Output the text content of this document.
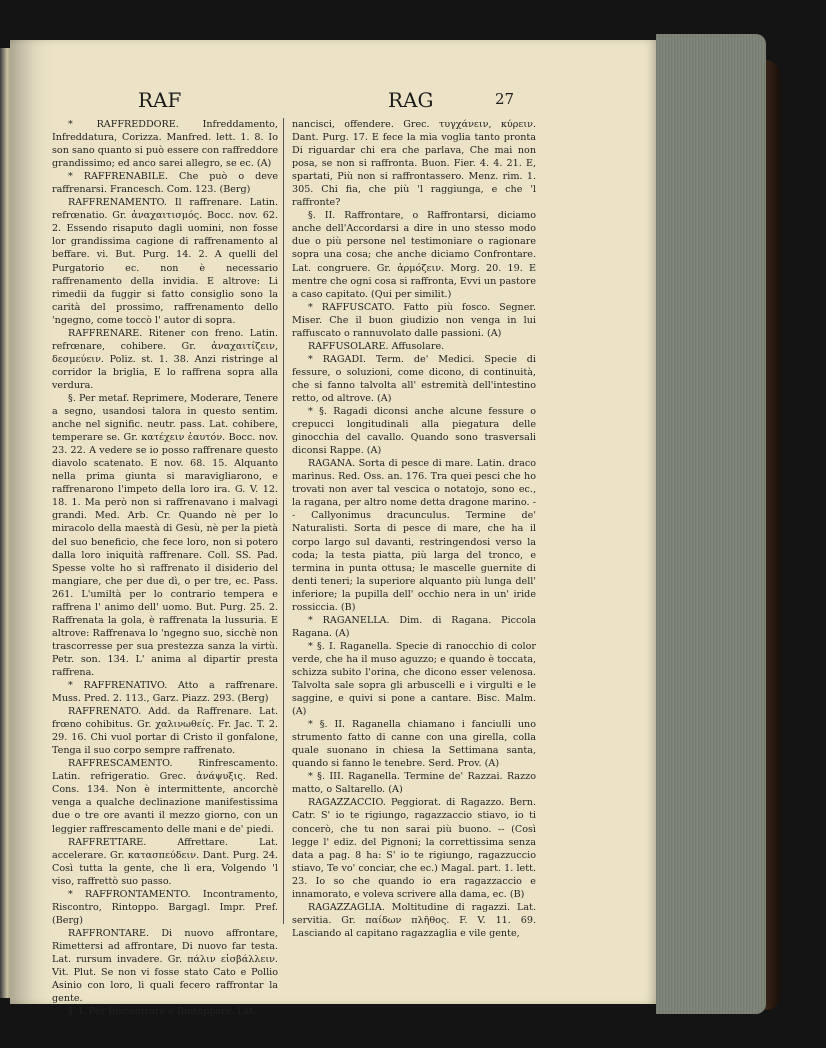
RAF	RAG	27

* RAFFREDDORE. Infreddamento, Infreddatura, Corizza. Manfred. lett. 1. 8. Io son sano quanto si può essere con raffreddore grandissimo; ed anco sarei allegro, se ec. (A)

* RAFFRENABILE. Che può o deve raffrenarsi. Francesch. Com. 123. (Berg)

RAFFRENAMENTO. Il raffrenare. Latin. refrœnatio. Gr. ἀναχαιτισμός. Bocc. nov. 62. 2. Essendo risaputo dagli uomini, non fosse lor grandissima cagione di raffrenamento al beffare. vi. But. Purg. 14. 2. A quelli del Purgatorio ec. non è necessario raffrenamento della invidia. E altrove: Li rimedii da fuggir si fatto consiglio sono la carità del prossimo, raffrenamento dello 'ngegno, come toccò l' autor di sopra.

RAFFRENARE. Ritener con freno. Latin. refrœnare, cohibere. Gr. ἀναχαιτίζειν, δεσμεύειν. Poliz. st. 1. 38. Anzi ristringe al corridor la briglia, E lo raffrena sopra alla verdura.

§. Per metaf. Reprimere, Moderare, Tenere a segno, usandosi talora in questo sentim. anche nel signific. neutr. pass. Lat. cohibere, temperare se. Gr. κατέχειν ἑαυτόν. Bocc. nov. 23. 22. A vedere se io posso raffrenare questo diavolo scatenato. E nov. 68. 15. Alquanto nella prima giunta si maravigliarono, e raffrenarono l'impeto della loro ira. G. V. 12. 18. 1. Ma però non si raffrenavano i malvagi grandi. Med. Arb. Cr. Quando nè per lo miracolo della maestà di Gesù, nè per la pietà del suo beneficio, che fece loro, non si potero dalla loro iniquità raffrenare. Coll. SS. Pad. Spesse volte ho sì raffrenato il disiderio del mangiare, che per due dì, o per tre, ec. Pass. 261. L'umiltà per lo contrario tempera e raffrena l' animo dell' uomo. But. Purg. 25. 2. Raffrenata la gola, è raffrenata la lussuria. E altrove: Raffrenava lo 'ngegno suo, sicchè non trascorresse per sua prestezza sanza la virtù. Petr. son. 134. L' anima al dipartir presta raffrena.

* RAFFRENATIVO. Atto a raffrenare. Muss. Pred. 2. 113., Garz. Piazz. 293. (Berg)

RAFFRENATO. Add. da Raffrenare. Lat. frœno cohibitus. Gr. χαλινωθείς. Fr. Jac. T. 2. 29. 16. Chi vuol portar di Cristo il gonfalone, Tenga il suo corpo sempre raffrenato.

RAFFRESCAMENTO. Rinfrescamento. Latin. refrigeratio. Grec. ἀνάψυξις. Red. Cons. 134. Non è intermittente, ancorchè venga a qualche declinazione manifestissima due o tre ore avanti il mezzo giorno, con un leggier raffrescamento delle mani e de' piedi.

RAFFRETTARE. Affrettare. Lat. accelerare. Gr. κατασπεύδειν. Dant. Purg. 24. Così tutta la gente, che lì era, Volgendo 'l viso, raffrettò suo passo.

* RAFFRONTAMENTO. Incontramento, Riscontro, Rintoppo. Bargagl. Impr. Pref. (Berg)

RAFFRONTARE. Di nuovo affrontare, Rimettersi ad affrontare, Di nuovo far testa. Lat. rursum invadere. Gr. πάλιν εἰσβάλλειν. Vit. Plut. Se non vi fosse stato Cato e Pollio Asinio con loro, li quali fecero raffrontar la gente.

§. I. Per Riscontrare o Rintoppare. Lat.

nancisci, offendere. Grec. τυγχάνειν, κύρειν. Dant. Purg. 17. E fece la mia voglia tanto pronta Di riguardar chi era che parlava, Che mai non posa, se non si raffronta. Buon. Fier. 4. 4. 21. E, spartati, Più non si raffrontassero. Menz. rim. 1. 305. Chi fia, che più 'l raggiunga, e che 'l raffronte?

§. II. Raffrontare, o Raffrontarsi, diciamo anche dell'Accordarsi a dire in uno stesso modo due o più persone nel testimoniare o ragionare sopra una cosa; che anche diciamo Confrontare. Lat. congruere. Gr. ἁρμόζειν. Morg. 20. 19. E mentre che ogni cosa si raffronta, Evvi un pastore a caso capitato. (Qui per similit.)

* RAFFUSCATO. Fatto più fosco. Segner. Miser. Che il buon giudizio non venga in lui raffuscato o rannuvolato dalle passioni. (A)

RAFFUSOLARE. Affusolare.

* RAGADI. Term. de' Medici. Specie di fessure, o soluzioni, come dicono, di continuità, che si fanno talvolta all' estremità dell'intestino retto, od altrove. (A)

* §. Ragadi diconsi anche alcune fessure o crepucci longitudinali alla piegatura delle ginocchia del cavallo. Quando sono trasversali diconsi Rappe. (A)

RAGANA. Sorta di pesce di mare. Latin. draco marinus. Red. Oss. an. 176. Tra quei pesci che ho trovati non aver tal vescica o notatojo, sono ec., la ragana, per altro nome detta dragone marino. -- Callyonimus dracunculus. Termine de' Naturalisti. Sorta di pesce di mare, che ha il corpo largo sul davanti, restringendosi verso la coda; la testa piatta, più larga del tronco, e termina in punta ottusa; le mascelle guernite di denti teneri; la superiore alquanto più lunga dell' inferiore; la pupilla dell' occhio nera in un' iride rossiccia. (B)

* RAGANELLA. Dim. di Ragana. Piccola Ragana. (A)

* §. I. Raganella. Specie di ranocchio di color verde, che ha il muso aguzzo; e quando è toccata, schizza subito l'orina, che dicono esser velenosa. Talvolta sale sopra gli arbuscelli e i virgulti e le saggine, e quivi si pone a cantare. Bisc. Malm. (A)

* §. II. Raganella chiamano i fanciulli uno strumento fatto di canne con una girella, colla quale suonano in chiesa la Settimana santa, quando si fanno le tenebre. Serd. Prov. (A)

* §. III. Raganella. Termine de' Razzai. Razzo matto, o Saltarello. (A)

RAGAZZACCIO. Peggiorat. di Ragazzo. Bern. Catr. S' io te rigiungo, ragazzaccio stiavo, io ti concerò, che tu non sarai più buono. -- (Così legge l' ediz. del Pignoni; la correttissima senza data a pag. 8 ha: S' io te rigiungo, ragazzuccio stiavo, Te vo' conciar, che ec.) Magal. part. 1. lett. 23. Io so che quando io era ragazzaccio e innamorato, e voleva scrivere alla dama, ec. (B)

RAGAZZAGLIA. Moltitudine di ragazzi. Lat. servitia. Gr. παίδων πλῆθος. F. V. 11. 69. Lasciando al capitano ragazzaglia e vile gente,
